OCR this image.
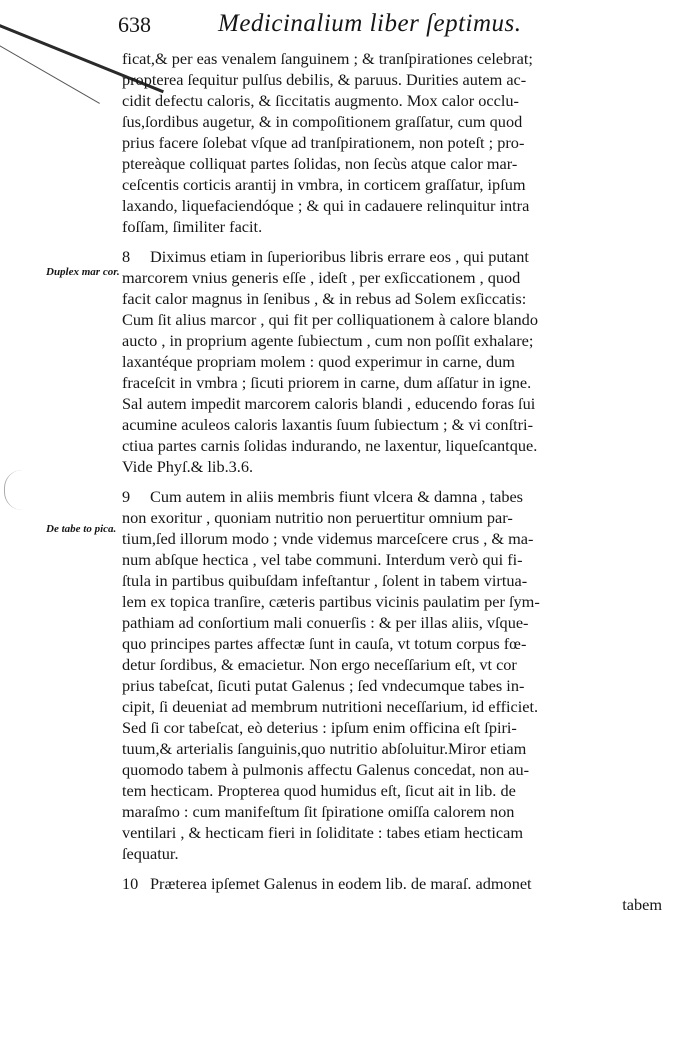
638	Medicinalium liber ſeptimus.
Duplex mar cor.
De tabe to pica.
ficat,& per eas venalem ſanguinem ; & tranſpirationes celebrat;
propterea ſequitur pulſus debilis, & paruus. Durities autem ac-
cidit defectu caloris, & ſiccitatis augmento. Mox calor occlu-
ſus,ſordibus augetur, & in compoſitionem graſſatur, cum quod
prius facere ſolebat vſque ad tranſpirationem, non poteſt ; pro-
ptereàque colliquat partes ſolidas, non ſecùs atque calor mar-
ceſcentis corticis arantij in vmbra, in corticem graſſatur, ipſum
laxando, liquefaciendóque ; & qui in cadauere relinquitur intra
foſſam, ſimiliter facit.
8 Diximus etiam in ſuperioribus libris errare eos , qui putant
marcorem vnius generis eſſe , ideſt , per exſiccationem , quod
facit calor magnus in ſenibus , & in rebus ad Solem exſiccatis:
Cum ſit alius marcor , qui fit per colliquationem à calore blando
aucto , in proprium agente ſubiectum , cum non poſſit exhalare;
laxantéque propriam molem : quod experimur in carne, dum
fraceſcit in vmbra ; ſicuti priorem in carne, dum aſſatur in igne.
Sal autem impedit marcorem caloris blandi , educendo foras ſui
acumine aculeos caloris laxantis ſuum ſubiectum ; & vi conſtri-
ctiua partes carnis ſolidas indurando, ne laxentur, liqueſcantque.
Vide Phyſ.& lib.3.6.
9 Cum autem in aliis membris fiunt vlcera & damna , tabes
non exoritur , quoniam nutritio non peruertitur omnium par-
tium,ſed illorum modo ; vnde videmus marceſcere crus , & ma-
num abſque hectica , vel tabe communi. Interdum verò qui fi-
ſtula in partibus quibuſdam infeſtantur , ſolent in tabem virtua-
lem ex topica tranſire, cæteris partibus vicinis paulatim per ſym-
pathiam ad conſortium mali conuerſis : & per illas aliis, vſque-
quo principes partes affectæ ſunt in cauſa, vt totum corpus fœ-
detur ſordibus, & emacietur. Non ergo neceſſarium eſt, vt cor
prius tabeſcat, ſicuti putat Galenus ; ſed vndecumque tabes in-
cipit, ſi deueniat ad membrum nutritioni neceſſarium, id efficiet.
Sed ſi cor tabeſcat, eò deterius : ipſum enim officina eſt ſpiri-
tuum,& arterialis ſanguinis,quo nutritio abſoluitur.Miror etiam
quomodo tabem à pulmonis affectu Galenus concedat, non au-
tem hecticam. Propterea quod humidus eſt, ſicut ait in lib. de
maraſmo : cum manifeſtum ſit ſpiratione omiſſa calorem non
ventilari , & hecticam fieri in ſoliditate : tabes etiam hecticam
ſequatur.
10 Præterea ipſemet Galenus in eodem lib. de maraſ. admonet
tabem
